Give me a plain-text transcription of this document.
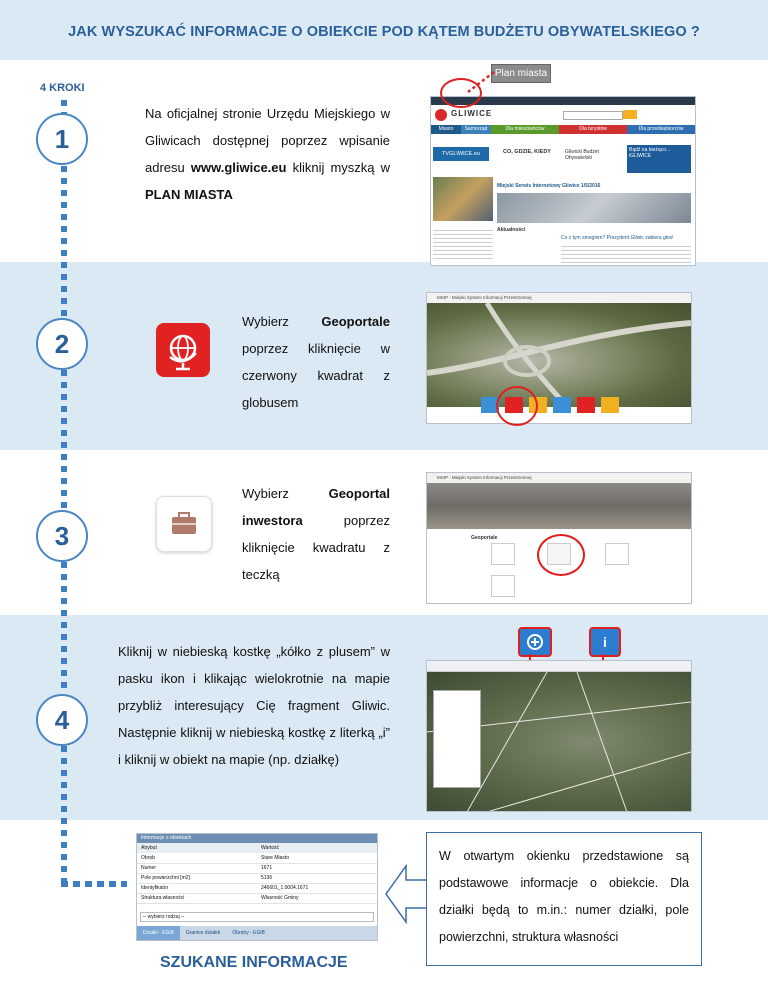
JAK WYSZUKAĆ INFORMACJE O OBIEKCIE POD KĄTEM BUDŻETU OBYWATELSKIEGO ?
4 KROKI
1
2
3
4
Na oficjalnej stronie Urzędu Miejskiego w Gliwicach dostępnej poprzez wpisanie adresu www.gliwice.eu kliknij myszką w PLAN MIASTA
GLIWICE
Miasto	Samorząd	Dla mieszkańców	Dla turystów	Dla przedsiębiorców
TVGLIWICE.eu	CO, GDZIE, KIEDY	Gliwicki Budżet Obywatelski
Bądź na bieżąco... iGLIWICE
Miejski Serwis Internetowy Gliwice 1/5/2016
Aktualności
Co z tym smogiem? Prezydent Gliwic zabiera głos!
Plan miasta
Wybierz Geoportale poprzez kliknięcie w czerwony kwadrat z globusem
MSIP - Miejski System Informacji Przestrzennej
Wybierz Geoportal inwestora poprzez kliknięcie kwadratu z teczką
MSIP - Miejski System Informacji Przestrzennej
Geoportale
Kliknij w niebieską kostkę „kółko z plusem” w pasku ikon i klikając wielokrotnie na mapie przybliż interesujący Cię fragment Gliwic. Następnie kliknij w niebieską kostkę z literką „i” i kliknij w obiekt na mapie (np. działkę)
i
Informacje o obiektach
Atrybut	Wartość
Obręb	Stare Miasto
Numer	1671
Pole powierzchni [m2]	5136
Identyfikator	246601_1.0004.1671
Struktura własności	Własność Gminy
-- wybierz rodzaj --
Działki - EGiB	Granice działek	Obręby - EGiB
W otwartym okienku przedstawione są podstawowe informacje o obiekcie. Dla działki będą to m.in.: numer działki, pole powierzchni, struktura własności
SZUKANE INFORMACJE
